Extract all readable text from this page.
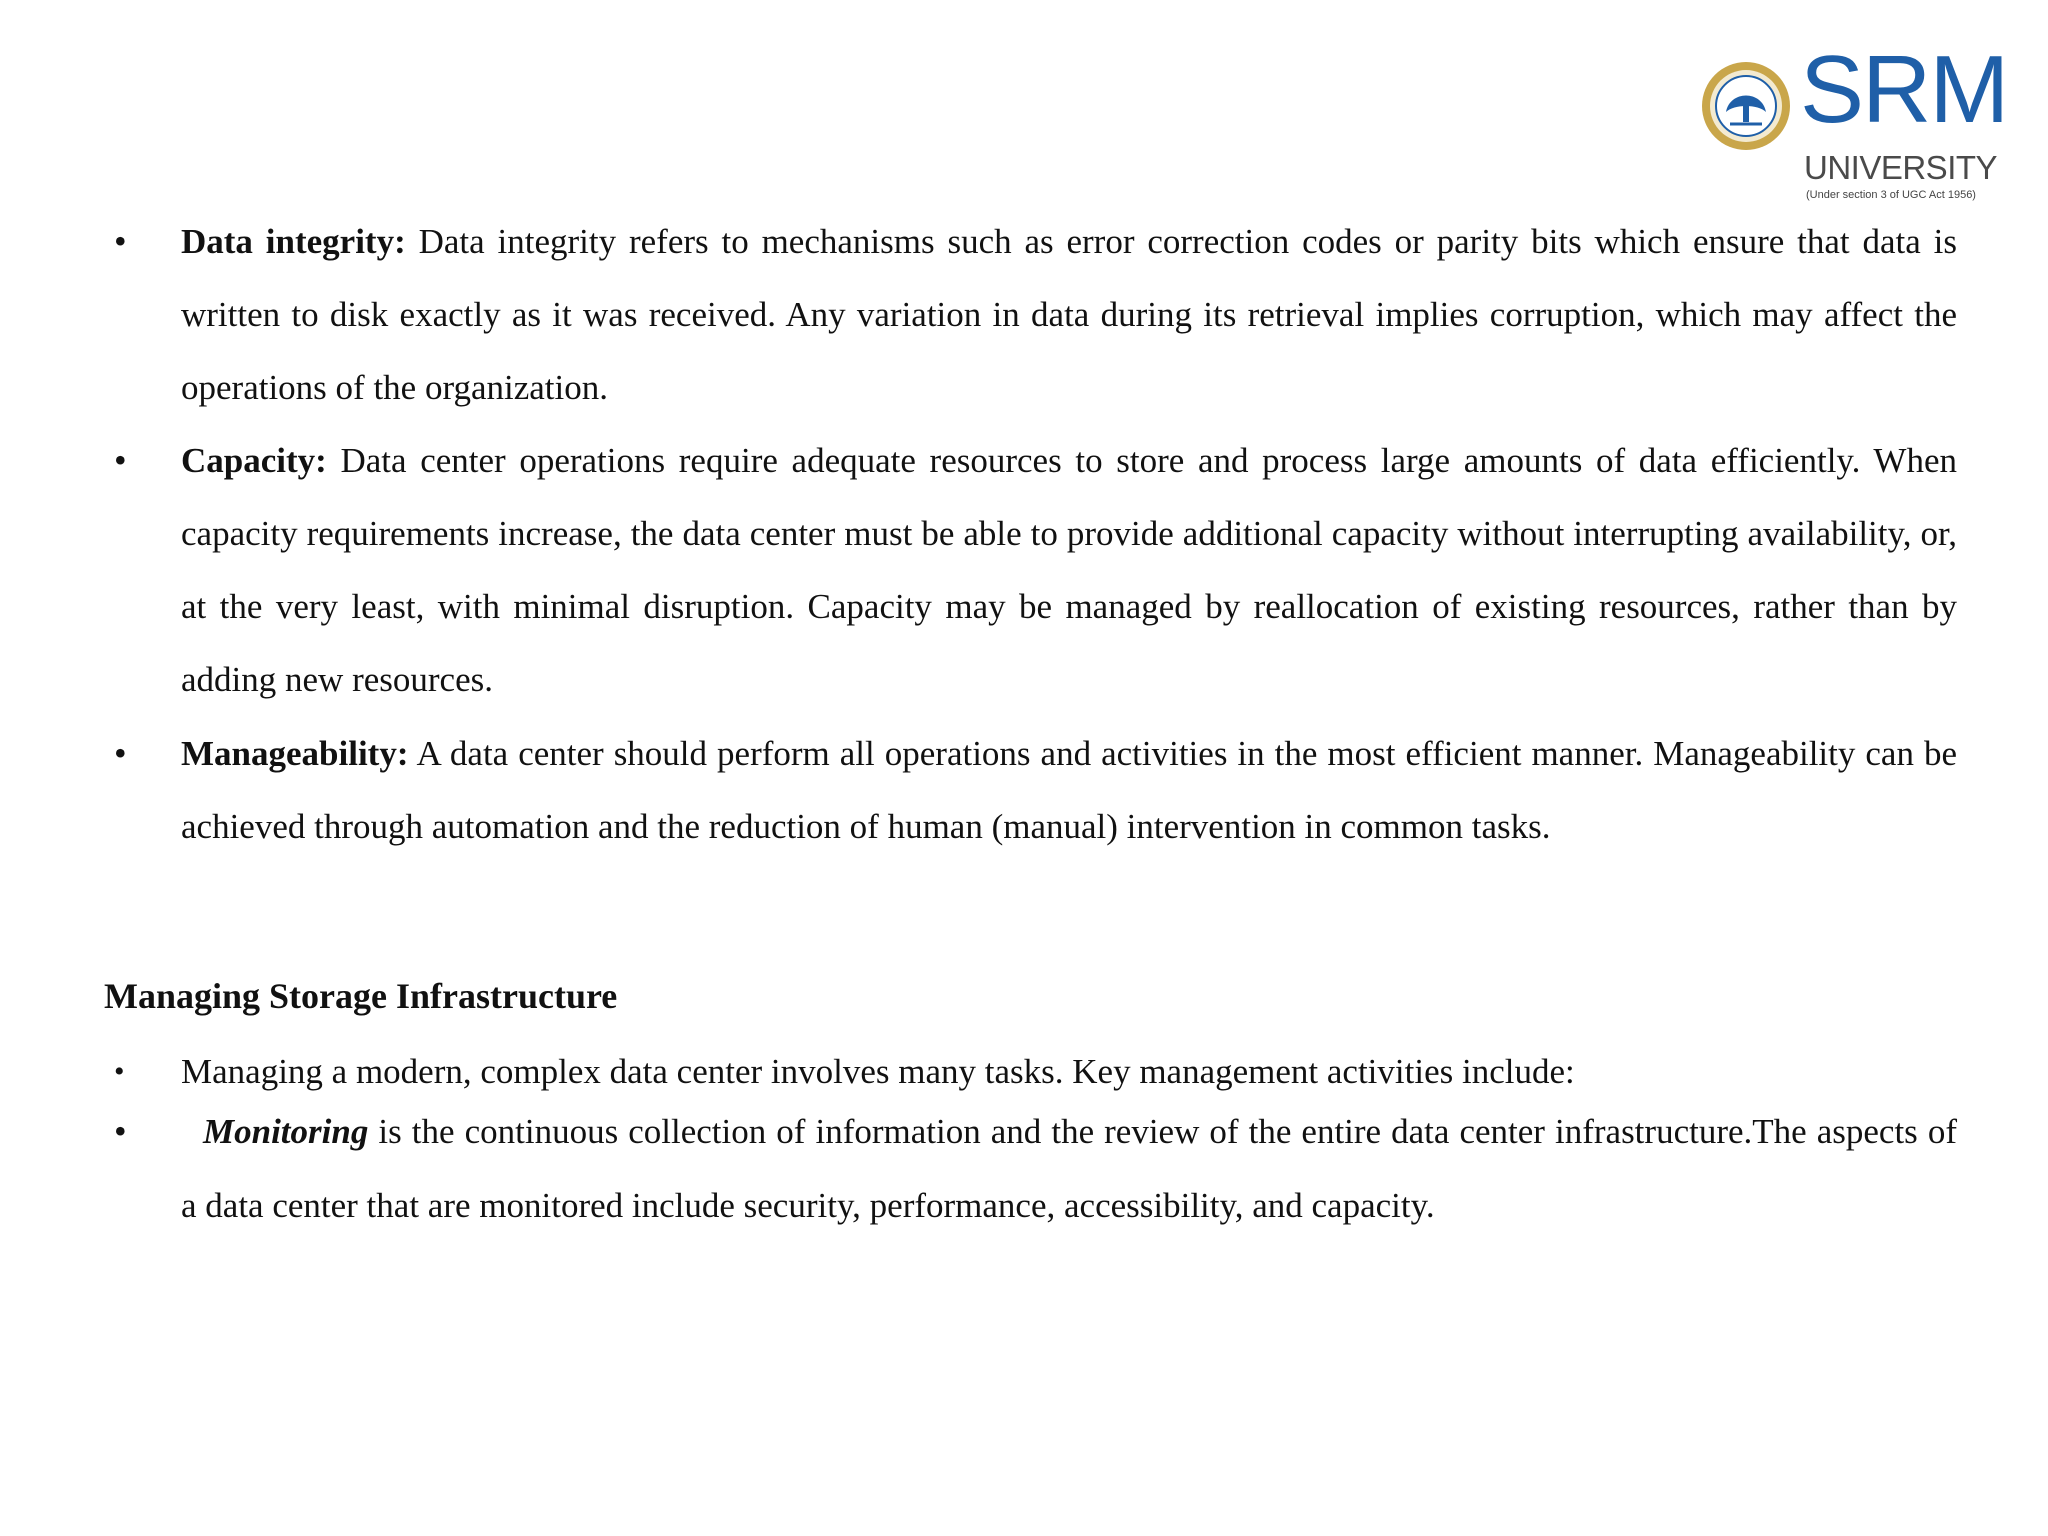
SRM
UNIVERSITY
(Under section 3 of UGC Act 1956)
• Data integrity: Data integrity refers to mechanisms such as error correction codes or parity bits which ensure that data is written to disk exactly as it was received. Any variation in data during its retrieval implies corruption, which may affect the operations of the organization.
• Capacity: Data center operations require adequate resources to store and process large amounts of data efficiently. When capacity requirements increase, the data center must be able to provide additional capacity without interrupting availability, or, at the very least, with minimal disruption. Capacity may be managed by reallocation of existing resources, rather than by adding new resources.
• Manageability: A data center should perform all operations and activities in the most efficient manner. Manageability can be achieved through automation and the reduction of human (manual) intervention in common tasks.
Managing Storage Infrastructure
• Managing a modern, complex data center involves many tasks. Key management activities include:
•	Monitoring is the continuous collection of information and the review of the entire data center infrastructure.The aspects of a data center that are monitored include security, performance, accessibility, and capacity.
